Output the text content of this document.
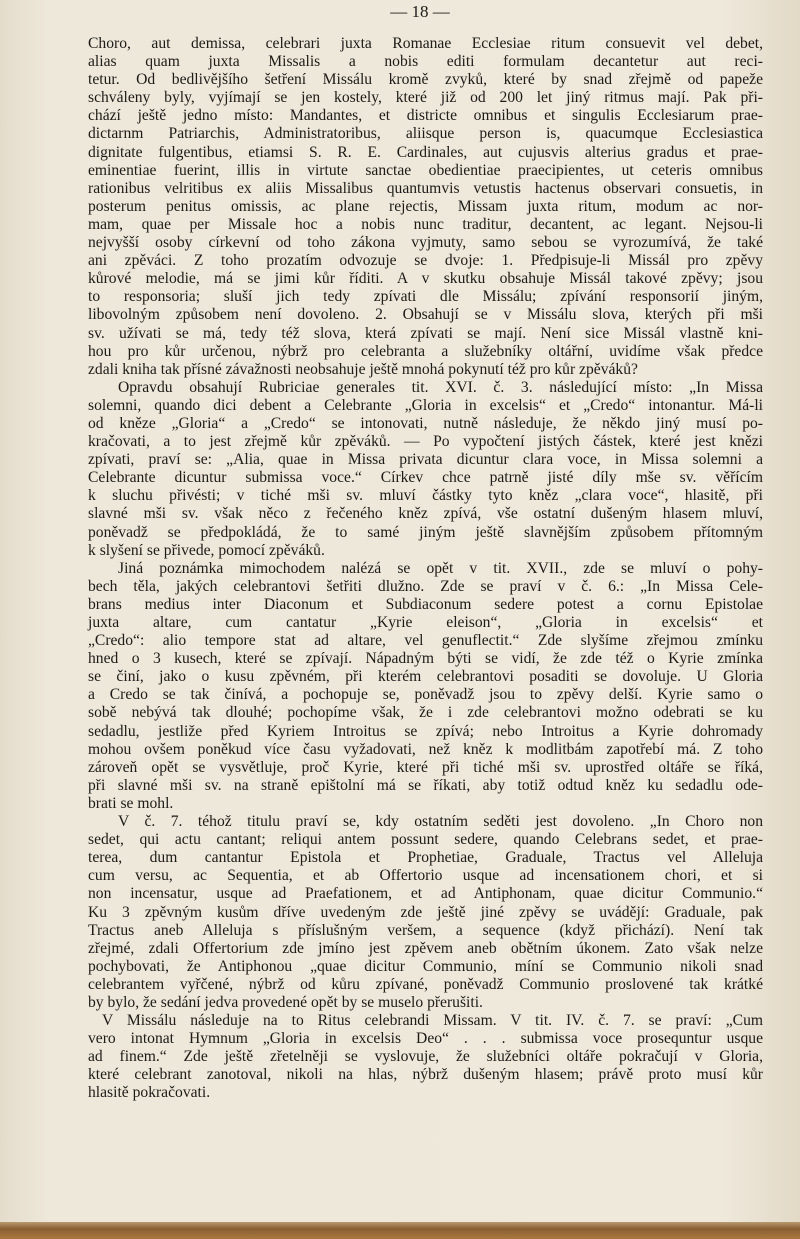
— 18 —
Choro, aut demissa, celebrari juxta Romanae Ecclesiae ritum consuevit vel debet,
alias quam juxta Missalis a nobis editi formulam decantetur aut reci-
tetur. Od bedlivějšího šetření Missálu kromě zvyků, které by snad zřejmě od papeže
schváleny byly, vyjímají se jen kostely, které již od 200 let jiný ritmus mají. Pak při-
chází ještě jedno místo: Mandantes, et districte omnibus et singulis Ecclesiarum prae-
dictarnm Patriarchis, Administratoribus, aliisque person is, quacumque Ecclesiastica
dignitate fulgentibus, etiamsi S. R. E. Cardinales, aut cujusvis alterius gradus et prae-
eminentiae fuerint, illis in virtute sanctae obedientiae praecipientes, ut ceteris omnibus
rationibus velritibus ex aliis Missalibus quantumvis vetustis hactenus observari consuetis, in
posterum penitus omissis, ac plane rejectis, Missam juxta ritum, modum ac nor-
mam, quae per Missale hoc a nobis nunc traditur, decantent, ac legant. Nejsou-li
nejvyšší osoby církevní od toho zákona vyjmuty, samo sebou se vyrozumívá, že také
ani zpěváci. Z toho prozatím odvozuje se dvoje: 1. Předpisuje-li Missál pro zpěvy
kůrové melodie, má se jimi kůr říditi. A v skutku obsahuje Missál takové zpěvy; jsou
to responsoria; sluší jich tedy zpívati dle Missálu; zpívání responsorií jiným,
libovolným způsobem není dovoleno. 2. Obsahují se v Missálu slova, kterých při mši
sv. užívati se má, tedy též slova, která zpívati se mají. Není sice Missál vlastně kni-
hou pro kůr určenou, nýbrž pro celebranta a služebníky oltářní, uvidíme však předce
zdali kniha tak přísné závažnosti neobsahuje ještě mnohá pokynutí též pro kůr zpěváků?
Opravdu obsahují Rubriciae generales tit. XVI. č. 3. následující místo: „In Missa
solemni, quando dici debent a Celebrante „Gloria in excelsis“ et „Credo“ intonantur. Má-li
od kněze „Gloria“ a „Credo“ se intonovati, nutně následuje, že někdo jiný musí po-
kračovati, a to jest zřejmě kůr zpěváků. — Po vypočtení jistých částek, které jest knězi
zpívati, praví se: „Alia, quae in Missa privata dicuntur clara voce, in Missa solemni a
Celebrante dicuntur submissa voce.“ Církev chce patrně jisté díly mše sv. věřícím
k sluchu přivésti; v tiché mši sv. mluví částky tyto kněz „clara voce“, hlasitě, při
slavné mši sv. však něco z řečeného kněz zpívá, vše ostatní dušeným hlasem mluví,
poněvadž se předpokládá, že to samé jiným ještě slavnějším způsobem přítomným
k slyšení se přivede, pomocí zpěváků.
Jiná poznámka mimochodem nalézá se opět v tit. XVII., zde se mluví o pohy-
bech těla, jakých celebrantovi šetřiti dlužno. Zde se praví v č. 6.: „In Missa Cele-
brans medius inter Diaconum et Subdiaconum sedere potest a cornu Epistolae
juxta altare, cum cantatur „Kyrie eleison“, „Gloria in excelsis“ et
„Credo“: alio tempore stat ad altare, vel genuflectit.“ Zde slyšíme zřejmou zmínku
hned o 3 kusech, které se zpívají. Nápadným býti se vidí, že zde též o Kyrie zmínka
se činí, jako o kusu zpěvném, při kterém celebrantovi posaditi se dovoluje. U Gloria
a Credo se tak činívá, a pochopuje se, poněvadž jsou to zpěvy delší. Kyrie samo o
sobě nebývá tak dlouhé; pochopíme však, že i zde celebrantovi možno odebrati se ku
sedadlu, jestliže před Kyriem Introitus se zpívá; nebo Introitus a Kyrie dohromady
mohou ovšem poněkud více času vyžadovati, než kněz k modlitbám zapotřebí má. Z toho
zároveň opět se vysvětluje, proč Kyrie, které při tiché mši sv. uprostřed oltáře se říká,
při slavné mši sv. na straně epištolní má se říkati, aby totiž odtud kněz ku sedadlu ode-
brati se mohl.
V č. 7. téhož titulu praví se, kdy ostatním seděti jest dovoleno. „In Choro non
sedet, qui actu cantant; reliqui antem possunt sedere, quando Celebrans sedet, et prae-
terea, dum cantantur Epistola et Prophetiae, Graduale, Tractus vel Alleluja
cum versu, ac Sequentia, et ab Offertorio usque ad incensationem chori, et si
non incensatur, usque ad Praefationem, et ad Antiphonam, quae dicitur Communio.“
Ku 3 zpěvným kusům dříve uvedeným zde ještě jiné zpěvy se uvádějí: Graduale, pak
Tractus aneb Alleluja s příslušným veršem, a sequence (když přichází). Není tak
zřejmé, zdali Offertorium zde jmíno jest zpěvem aneb obětním úkonem. Zato však nelze
pochybovati, že Antiphonou „quae dicitur Communio, míní se Communio nikoli snad
celebrantem vyřčené, nýbrž od kůru zpívané, poněvadž Communio proslovené tak krátké
by bylo, že sedání jedva provedené opět by se muselo přerušiti.
V Missálu následuje na to Ritus celebrandi Missam. V tit. IV. č. 7. se praví: „Cum
vero intonat Hymnum „Gloria in excelsis Deo“ . . . submissa voce prosequntur usque
ad finem.“ Zde ještě zřetelněji se vyslovuje, že služebníci oltáře pokračují v Gloria,
které celebrant zanotoval, nikoli na hlas, nýbrž dušeným hlasem; právě proto musí kůr
hlasitě pokračovati.
